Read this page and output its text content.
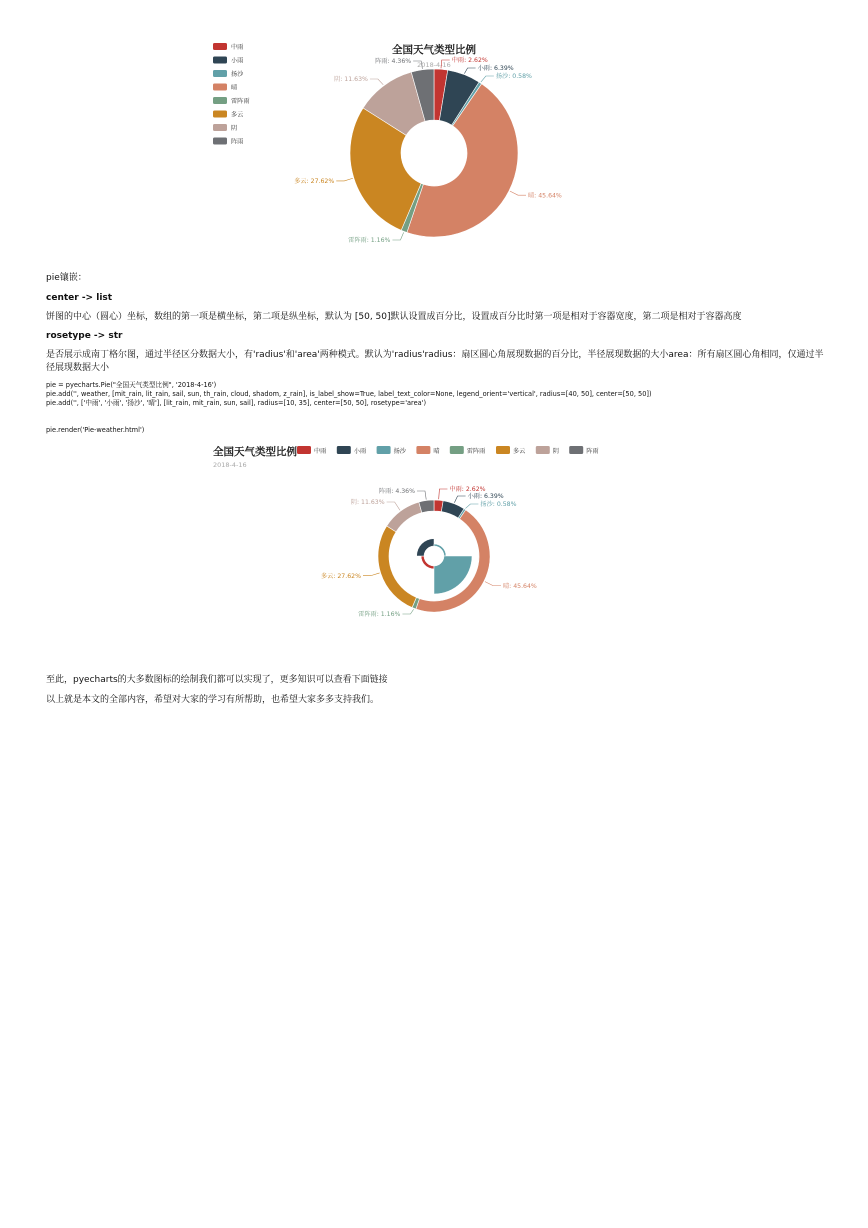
全国天气类型比例
2018-4-16
中雨
小雨
扬沙
晴
雷阵雨
多云
阴
阵雨
中雨: 2.62%
小雨: 6.39%
扬沙: 0.58%
晴: 45.64%
雷阵雨: 1.16%
多云: 27.62%
阴: 11.63%
阵雨: 4.36%

pie镶嵌：

center -> list

饼图的中心（圆心）坐标，数组的第一项是横坐标，第二项是纵坐标，默认为 [50, 50]默认设置成百分比，设置成百分比时第一项是相对于容器宽度，第二项是相对于容器高度

rosetype -> str

是否展示成南丁格尔图，通过半径区分数据大小，有'radius'和'area'两种模式。默认为'radius'radius：扇区圆心角展现数据的百分比，半径展现数据的大小area：所有扇区圆心角相同，仅通过半径展现数据大小

pie = pyecharts.Pie("全国天气类型比例", '2018-4-16')

pie.add('', weather, [mit_rain, lit_rain, sail, sun, th_rain, cloud, shadom, z_rain], is_label_show=True, label_text_color=None, legend_orient='vertical', radius=[40, 50], center=[50, 50])

pie.add('', ['中雨', '小雨', '扬沙', '晴'], [lit_rain, mit_rain, sun, sail], radius=[10, 35], center=[50, 50], rosetype='area')

pie.render('Pie-weather.html')

全国天气类型比例
2018-4-16
中雨	小雨	扬沙	晴	雷阵雨	多云	阴	阵雨
中雨: 2.62%
小雨: 6.39%
扬沙: 0.58%
晴: 45.64%
雷阵雨: 1.16%
多云: 27.62%
阴: 11.63%
阵雨: 4.36%

至此，pyecharts的大多数图标的绘制我们都可以实现了，更多知识可以查看下面链接

以上就是本文的全部内容，希望对大家的学习有所帮助，也希望大家多多支持我们。
